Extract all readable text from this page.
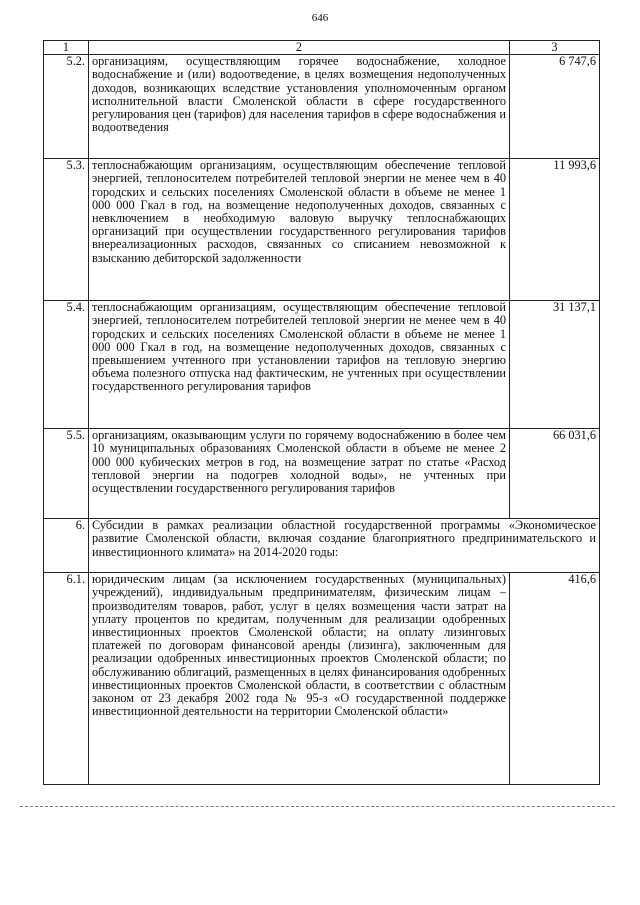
646
1	2	3
5.2.	организациям, осуществляющим горячее водоснабжение, холодное водоснабжение и (или) водоотведение, в целях возмещения недополученных доходов, возникающих вследствие установления уполномоченным органом исполнительной власти Смоленской области в сфере государственного регулирования цен (тарифов) для населения тарифов в сфере водоснабжения и водоотведения	6 747,6
5.3.	теплоснабжающим организациям, осуществляющим обеспечение тепловой энергией, теплоносителем потребителей тепловой энергии не менее чем в 40 городских и сельских поселениях Смоленской области в объеме не менее 1 000 000 Гкал в год, на возмещение недополученных доходов, связанных с невключением в необходимую валовую выручку теплоснабжающих организаций при осуществлении государственного регулирования тарифов внереализационных расходов, связанных со списанием невозможной к взысканию дебиторской задолженности	11 993,6
5.4.	теплоснабжающим организациям, осуществляющим обеспечение тепловой энергией, теплоносителем потребителей тепловой энергии не менее чем в 40 городских и сельских поселениях Смоленской области в объеме не менее 1 000 000 Гкал в год, на возмещение недополученных доходов, связанных с превышением учтенного при установлении тарифов на тепловую энергию объема полезного отпуска над фактическим, не учтенных при осуществлении государственного регулирования тарифов	31 137,1
5.5.	организациям, оказывающим услуги по горячему водоснабжению в более чем 10 муниципальных образованиях Смоленской области в объеме не менее 2 000 000 кубических метров в год, на возмещение затрат по статье «Расход тепловой энергии на подогрев холодной воды», не учтенных при осуществлении государственного регулирования тарифов	66 031,6
6.	Субсидии в рамках реализации областной государственной программы «Экономическое развитие Смоленской области, включая создание благоприятного предпринимательского и инвестиционного климата» на 2014-2020 годы:	
6.1.	юридическим лицам (за исключением государственных (муниципальных) учреждений), индивидуальным предпринимателям, физическим лицам – производителям товаров, работ, услуг в целях возмещения части затрат на уплату процентов по кредитам, полученным для реализации одобренных инвестиционных проектов Смоленской области; на оплату лизинговых платежей по договорам финансовой аренды (лизинга), заключенным для реализации одобренных инвестиционных проектов Смоленской области; по обслуживанию облигаций, размещенных в целях финансирования одобренных инвестиционных проектов Смоленской области, в соответствии с областным законом от 23 декабря 2002 года № 95-з «О государственной поддержке инвестиционной деятельности на территории Смоленской области»	416,6
